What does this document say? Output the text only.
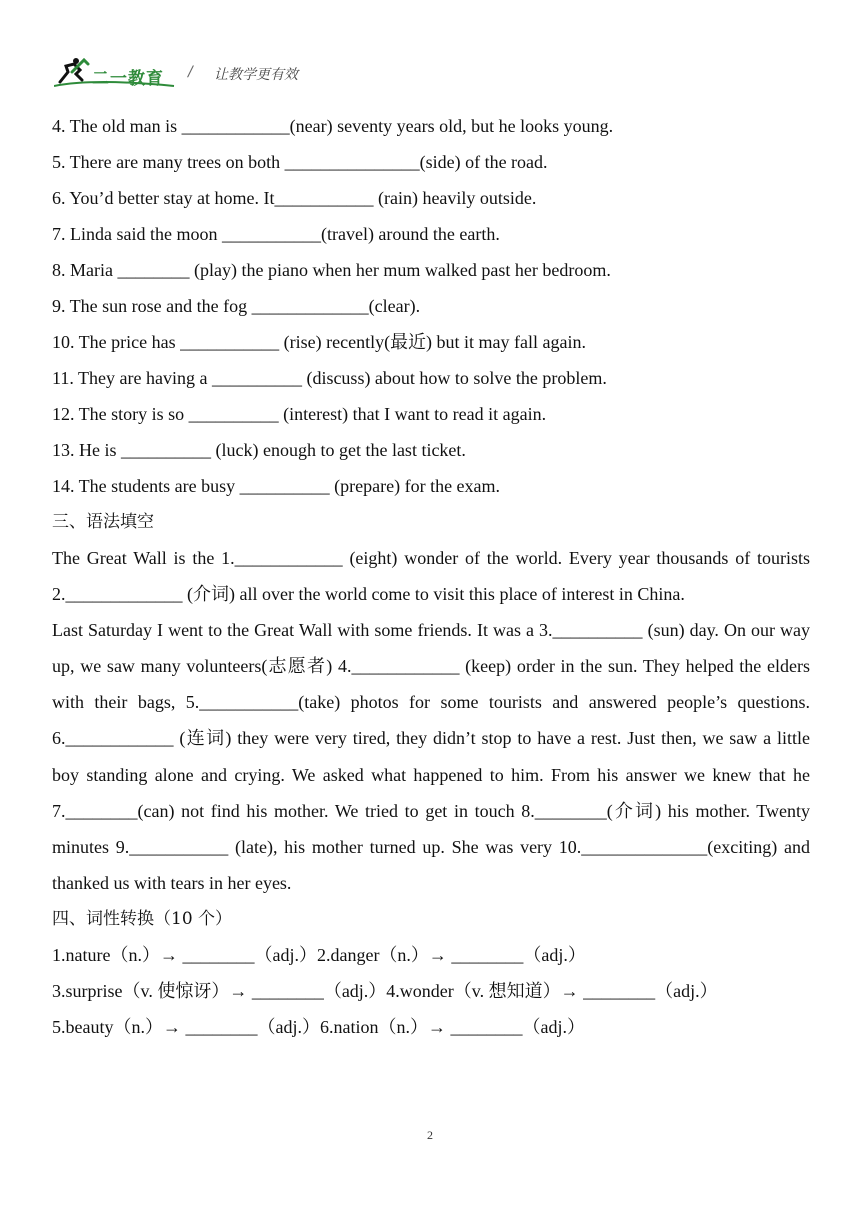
二一教育 / 让教学更有效
4. The old man is ____________(near) seventy years old, but he looks young.
5. There are many trees on both _______________(side) of the road.
6. You’d better stay at home. It___________ (rain) heavily outside.
7. Linda said the moon ___________(travel) around the earth.
8. Maria ________ (play) the piano when her mum walked past her bedroom.
9. The sun rose and the fog _____________(clear).
10. The price has ___________ (rise) recently(最近) but it may fall again.
11. They are having a __________ (discuss) about how to solve the problem.
12. The story is so __________ (interest) that I want to read it again.
13. He is __________ (luck) enough to get the last ticket.
14. The students are busy __________ (prepare) for the exam.
三、语法填空
The Great Wall is the 1.____________ (eight) wonder of the world. Every year thousands of tourists 2._____________ (介词) all over the world come to visit this place of interest in China.
Last Saturday I went to the Great Wall with some friends. It was a 3.__________ (sun) day. On our way up, we saw many volunteers(志愿者) 4.____________ (keep) order in the sun. They helped the elders with their bags, 5.___________(take) photos for some tourists and answered people’s questions. 6.____________ (连词) they were very tired, they didn’t stop to have a rest. Just then, we saw a little boy standing alone and crying. We asked what happened to him. From his answer we knew that he 7.________(can) not find his mother. We tried to get in touch 8.________(介词) his mother. Twenty minutes 9.___________ (late), his mother turned up. She was very 10.______________(exciting) and thanked us with tears in her eyes.
四、词性转换（10 个）
1.nature（n.）→ ________（adj.）2.danger（n.）→ ________（adj.）
3.surprise（v. 使惊讶）→ ________（adj.）4.wonder（v. 想知道）→ ________（adj.）
5.beauty（n.）→ ________（adj.）6.nation（n.）→ ________（adj.）
2
